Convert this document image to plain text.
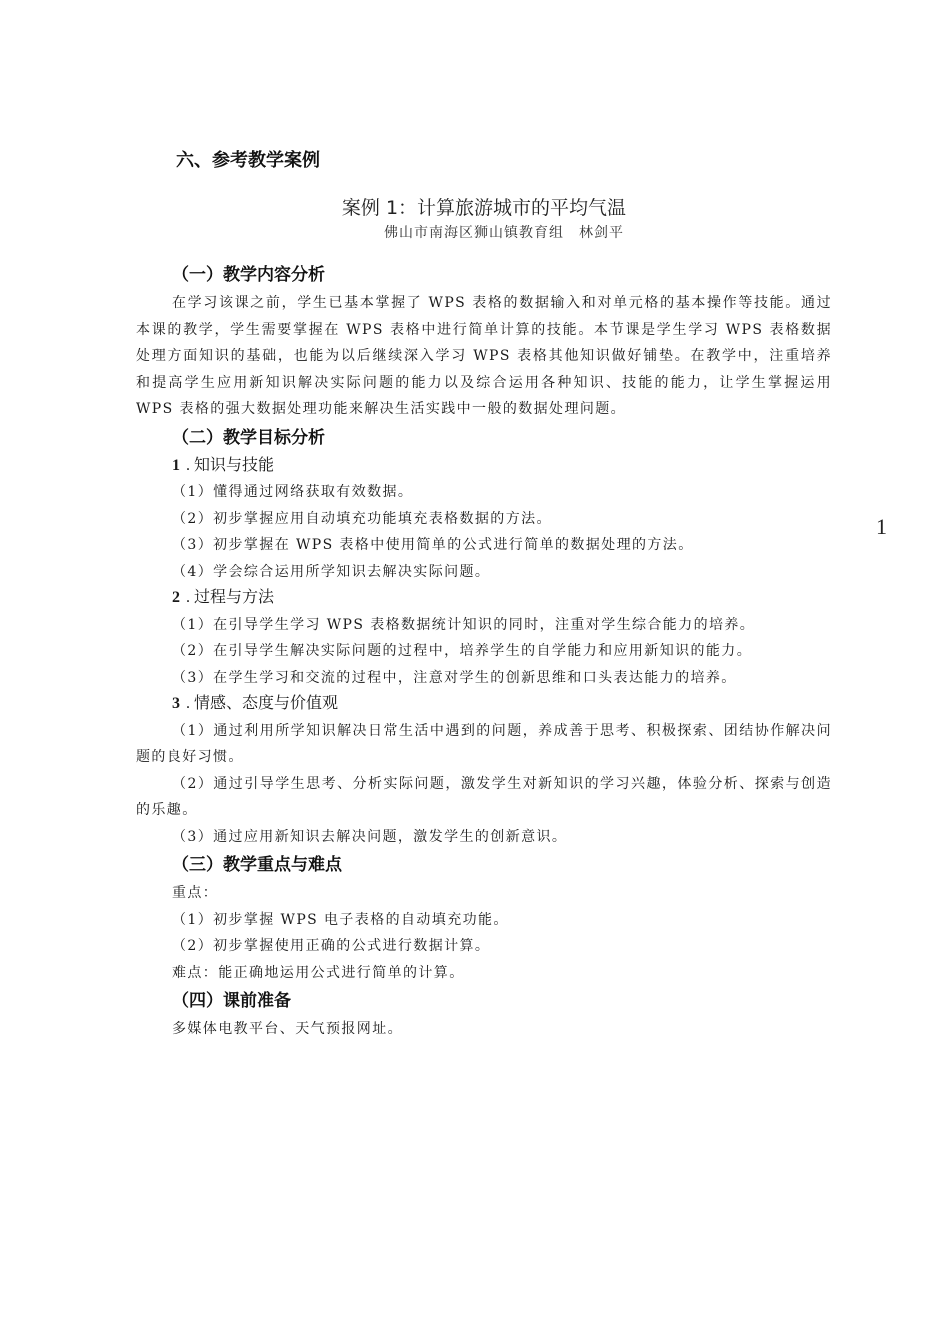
1
六、参考教学案例
案例 1：计算旅游城市的平均气温
佛山市南海区狮山镇教育组　林剑平
（一）教学内容分析

在学习该课之前，学生已基本掌握了 WPS 表格的数据输入和对单元格的基本操作等技能。通过本课的教学，学生需要掌握在 WPS 表格中进行简单计算的技能。本节课是学生学习 WPS 表格数据处理方面知识的基础，也能为以后继续深入学习 WPS 表格其他知识做好铺垫。在教学中，注重培养和提高学生应用新知识解决实际问题的能力以及综合运用各种知识、技能的能力，让学生掌握运用 WPS 表格的强大数据处理功能来解决生活实践中一般的数据处理问题。

（二）教学目标分析
1 . 知识与技能

（1）懂得通过网络获取有效数据。

（2）初步掌握应用自动填充功能填充表格数据的方法。

（3）初步掌握在 WPS 表格中使用简单的公式进行简单的数据处理的方法。

（4）学会综合运用所学知识去解决实际问题。

2 . 过程与方法

（1）在引导学生学习 WPS 表格数据统计知识的同时，注重对学生综合能力的培养。

（2）在引导学生解决实际问题的过程中，培养学生的自学能力和应用新知识的能力。

（3）在学生学习和交流的过程中，注意对学生的创新思维和口头表达能力的培养。

3 . 情感、态度与价值观

（1）通过利用所学知识解决日常生活中遇到的问题，养成善于思考、积极探索、团结协作解决问题的良好习惯。

（2）通过引导学生思考、分析实际问题，激发学生对新知识的学习兴趣，体验分析、探索与创造的乐趣。

（3）通过应用新知识去解决问题，激发学生的创新意识。

（三）教学重点与难点

重点：

（1）初步掌握 WPS 电子表格的自动填充功能。

（2）初步掌握使用正确的公式进行数据计算。

难点：能正确地运用公式进行简单的计算。

（四）课前准备

多媒体电教平台、天气预报网址。
